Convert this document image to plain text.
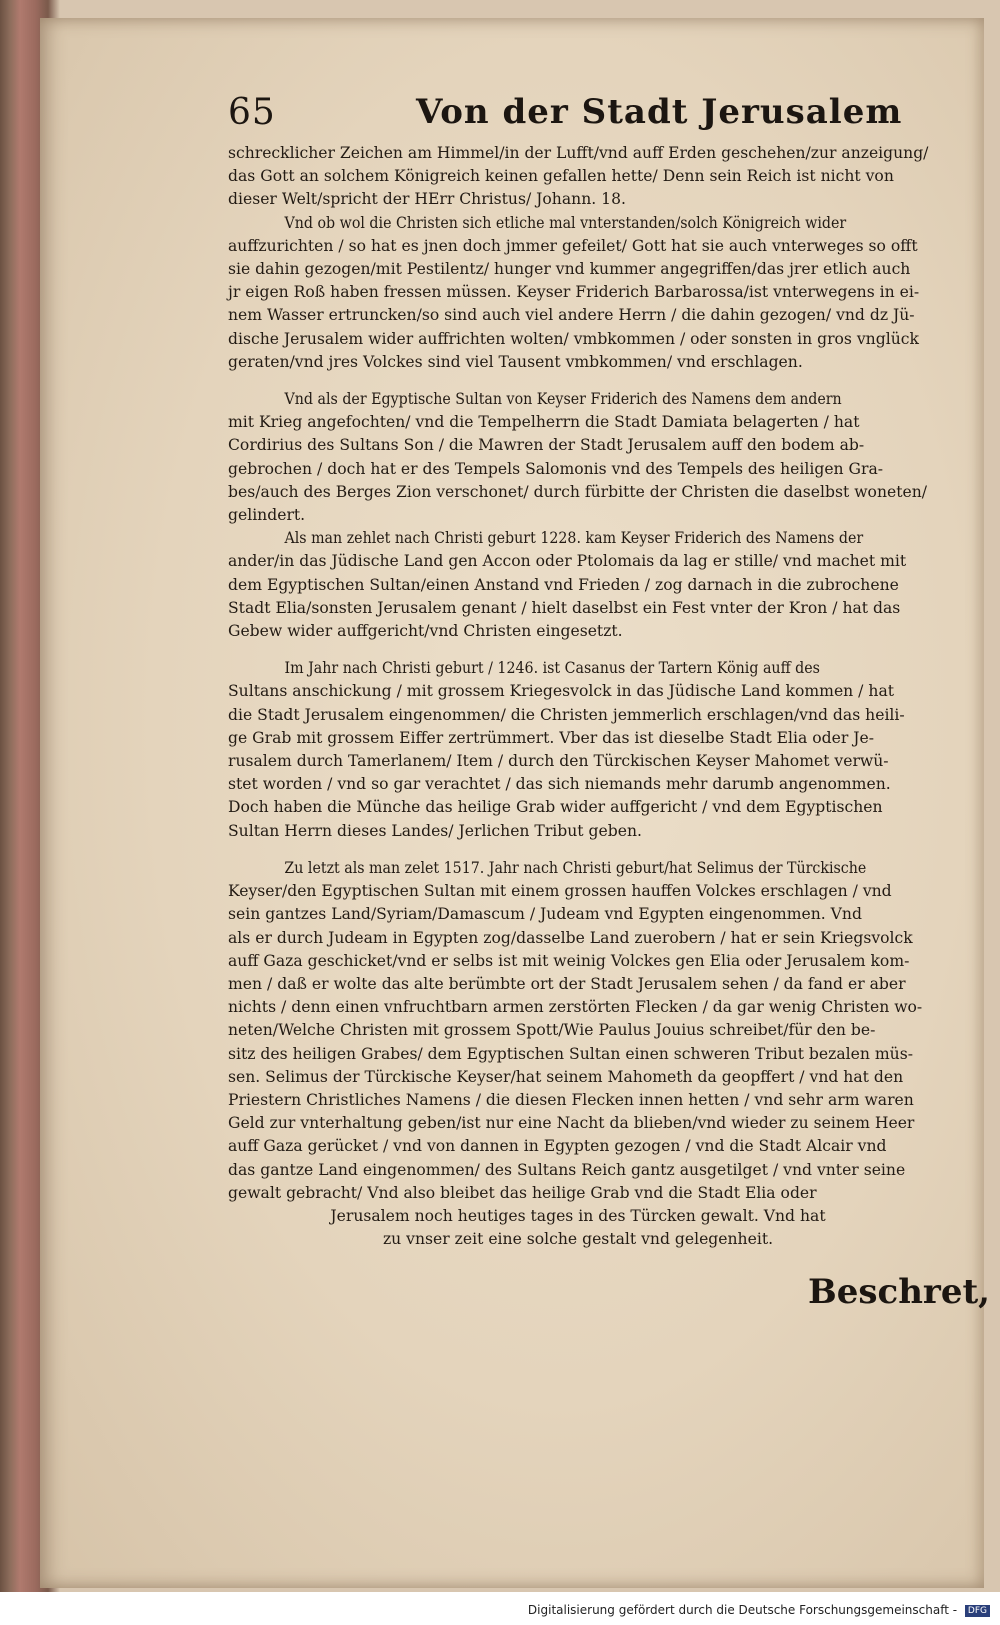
65	Von der Stadt Jerusalem

schrecklicher Zeichen am Himmel/in der Lufft/vnd auff Erden geschehen/zur anzeigung/
das Gott an solchem Königreich keinen gefallen hette/ Denn sein Reich ist nicht von
dieser Welt/spricht der HErr Christus/ Johann. 18.

Vnd ob wol die Christen sich etliche mal vnterstanden/solch Königreich wider
auffzurichten / so hat es jnen doch jmmer gefeilet/ Gott hat sie auch vnterweges so offt
sie dahin gezogen/mit Pestilentz/ hunger vnd kummer angegriffen/das jrer etlich auch
jr eigen Roß haben fressen müssen. Keyser Friderich Barbarossa/ist vnterwegens in ei-
nem Wasser ertruncken/so sind auch viel andere Herrn / die dahin gezogen/ vnd dz Jü-
dische Jerusalem wider auffrichten wolten/ vmbkommen / oder sonsten in gros vnglück
geraten/vnd jres Volckes sind viel Tausent vmbkommen/ vnd erschlagen.

Vnd als der Egyptische Sultan von Keyser Friderich des Namens dem andern
mit Krieg angefochten/ vnd die Tempelherrn die Stadt Damiata belagerten / hat
Cordirius des Sultans Son / die Mawren der Stadt Jerusalem auff den bodem ab-
gebrochen / doch hat er des Tempels Salomonis vnd des Tempels des heiligen Gra-
bes/auch des Berges Zion verschonet/ durch fürbitte der Christen die daselbst woneten/
gelindert.

Als man zehlet nach Christi geburt 1228. kam Keyser Friderich des Namens der
ander/in das Jüdische Land gen Accon oder Ptolomais da lag er stille/ vnd machet mit
dem Egyptischen Sultan/einen Anstand vnd Frieden / zog darnach in die zubrochene
Stadt Elia/sonsten Jerusalem genant / hielt daselbst ein Fest vnter der Kron / hat das
Gebew wider auffgericht/vnd Christen eingesetzt.

Im Jahr nach Christi geburt / 1246. ist Casanus der Tartern König auff des
Sultans anschickung / mit grossem Kriegesvolck in das Jüdische Land kommen / hat
die Stadt Jerusalem eingenommen/ die Christen jemmerlich erschlagen/vnd das heili-
ge Grab mit grossem Eiffer zertrümmert. Vber das ist dieselbe Stadt Elia oder Je-
rusalem durch Tamerlanem/ Item / durch den Türckischen Keyser Mahomet verwü-
stet worden / vnd so gar verachtet / das sich niemands mehr darumb angenommen.
Doch haben die Münche das heilige Grab wider auffgericht / vnd dem Egyptischen
Sultan Herrn dieses Landes/ Jerlichen Tribut geben.

Zu letzt als man zelet 1517. Jahr nach Christi geburt/hat Selimus der Türckische
Keyser/den Egyptischen Sultan mit einem grossen hauffen Volckes erschlagen / vnd
sein gantzes Land/Syriam/Damascum / Judeam vnd Egypten eingenommen. Vnd
als er durch Judeam in Egypten zog/dasselbe Land zuerobern / hat er sein Kriegsvolck
auff Gaza geschicket/vnd er selbs ist mit weinig Volckes gen Elia oder Jerusalem kom-
men / daß er wolte das alte berümbte ort der Stadt Jerusalem sehen / da fand er aber
nichts / denn einen vnfruchtbarn armen zerstörten Flecken / da gar wenig Christen wo-
neten/Welche Christen mit grossem Spott/Wie Paulus Jouius schreibet/für den be-
sitz des heiligen Grabes/ dem Egyptischen Sultan einen schweren Tribut bezalen müs-
sen. Selimus der Türckische Keyser/hat seinem Mahometh da geopffert / vnd hat den
Priestern Christliches Namens / die diesen Flecken innen hetten / vnd sehr arm waren
Geld zur vnterhaltung geben/ist nur eine Nacht da blieben/vnd wieder zu seinem Heer
auff Gaza gerücket / vnd von dannen in Egypten gezogen / vnd die Stadt Alcair vnd
das gantze Land eingenommen/ des Sultans Reich gantz ausgetilget / vnd vnter seine
gewalt gebracht/ Vnd also bleibet das heilige Grab vnd die Stadt Elia oder
Jerusalem noch heutiges tages in des Türcken gewalt. Vnd hat
zu vnser zeit eine solche gestalt vnd gelegenheit.

Beschret,
Digitalisierung gefördert durch die Deutsche Forschungsgemeinschaft - DFG
